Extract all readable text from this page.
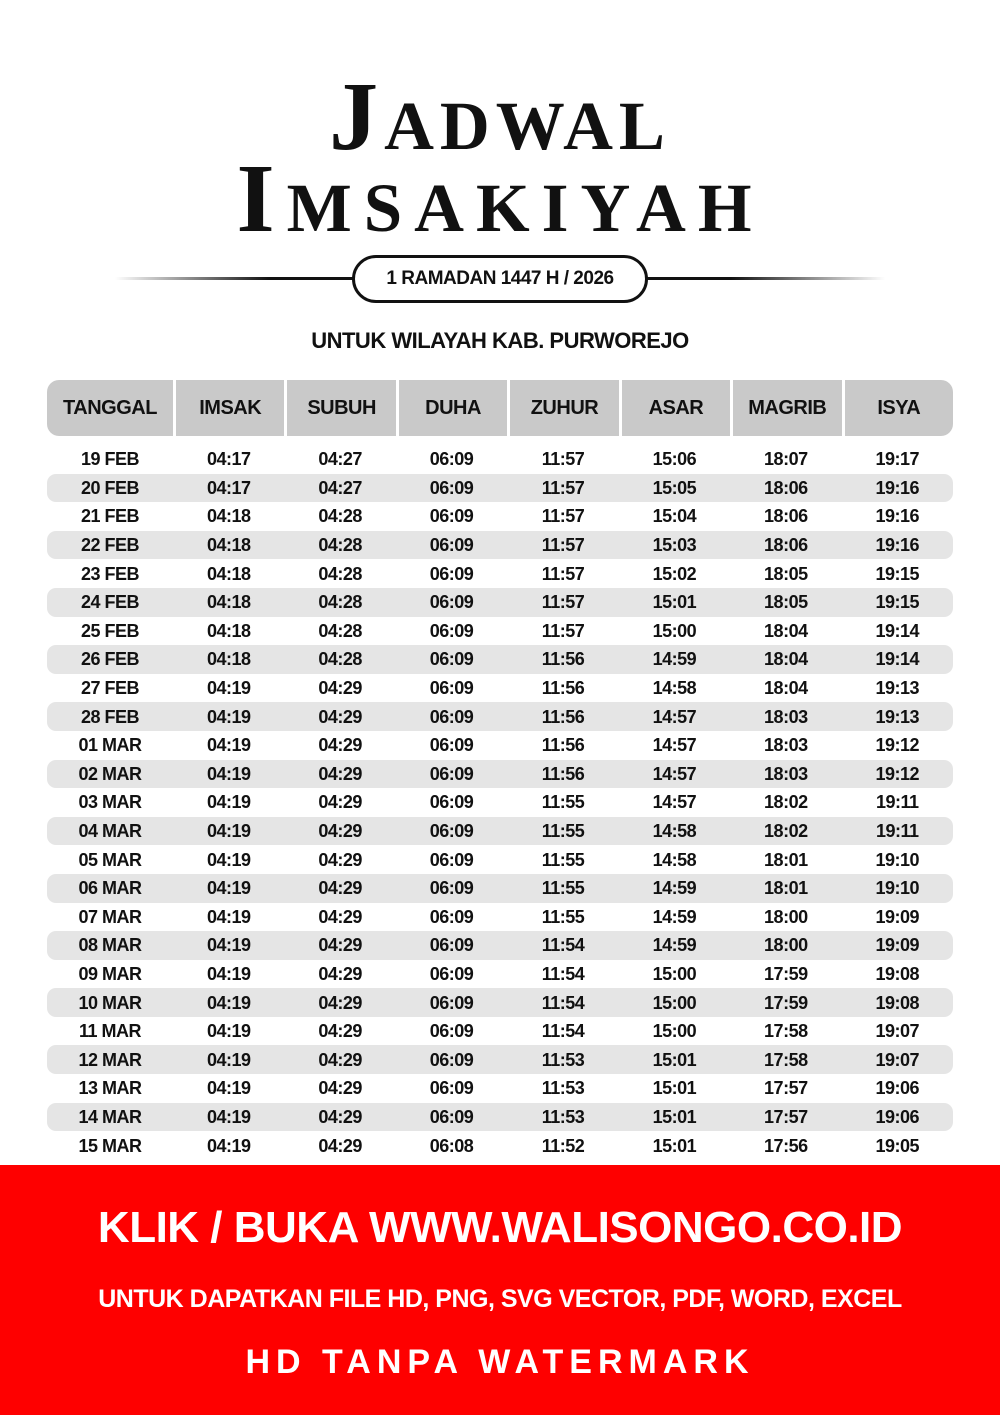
Jadwal
Imsakiyah
1 RAMADAN 1447 H / 2026
UNTUK WILAYAH KAB. PURWOREJO
TANGGAL IMSAK SUBUH DUHA ZUHUR	ASAR MAGRIB	ISYA
19 FEB	04:17	04:27	06:09	11:57	15:06	18:07	19:17
20 FEB	04:17	04:27	06:09	11:57	15:05	18:06	19:16
21 FEB	04:18	04:28	06:09	11:57	15:04	18:06	19:16
22 FEB	04:18	04:28	06:09	11:57	15:03	18:06	19:16
23 FEB	04:18	04:28	06:09	11:57	15:02	18:05	19:15
24 FEB	04:18	04:28	06:09	11:57	15:01	18:05	19:15
25 FEB	04:18	04:28	06:09	11:57	15:00	18:04	19:14
26 FEB	04:18	04:28	06:09	11:56	14:59	18:04	19:14
27 FEB	04:19	04:29	06:09	11:56	14:58	18:04	19:13
28 FEB	04:19	04:29	06:09	11:56	14:57	18:03	19:13
01 MAR	04:19	04:29	06:09	11:56	14:57	18:03	19:12
02 MAR	04:19	04:29	06:09	11:56	14:57	18:03	19:12
03 MAR	04:19	04:29	06:09	11:55	14:57	18:02	19:11
04 MAR	04:19	04:29	06:09	11:55	14:58	18:02	19:11
05 MAR	04:19	04:29	06:09	11:55	14:58	18:01	19:10
06 MAR	04:19	04:29	06:09	11:55	14:59	18:01	19:10
07 MAR	04:19	04:29	06:09	11:55	14:59	18:00	19:09
08 MAR	04:19	04:29	06:09	11:54	14:59	18:00	19:09
09 MAR	04:19	04:29	06:09	11:54	15:00	17:59	19:08
10 MAR	04:19	04:29	06:09	11:54	15:00	17:59	19:08
11 MAR	04:19	04:29	06:09	11:54	15:00	17:58	19:07
12 MAR	04:19	04:29	06:09	11:53	15:01	17:58	19:07
13 MAR	04:19	04:29	06:09	11:53	15:01	17:57	19:06
14 MAR	04:19	04:29	06:09	11:53	15:01	17:57	19:06
15 MAR	04:19	04:29	06:08	11:52	15:01	17:56	19:05
KLIK / BUKA WWW.WALISONGO.CO.ID
UNTUK DAPATKAN FILE HD, PNG, SVG VECTOR, PDF, WORD, EXCEL
HD TANPA WATERMARK
